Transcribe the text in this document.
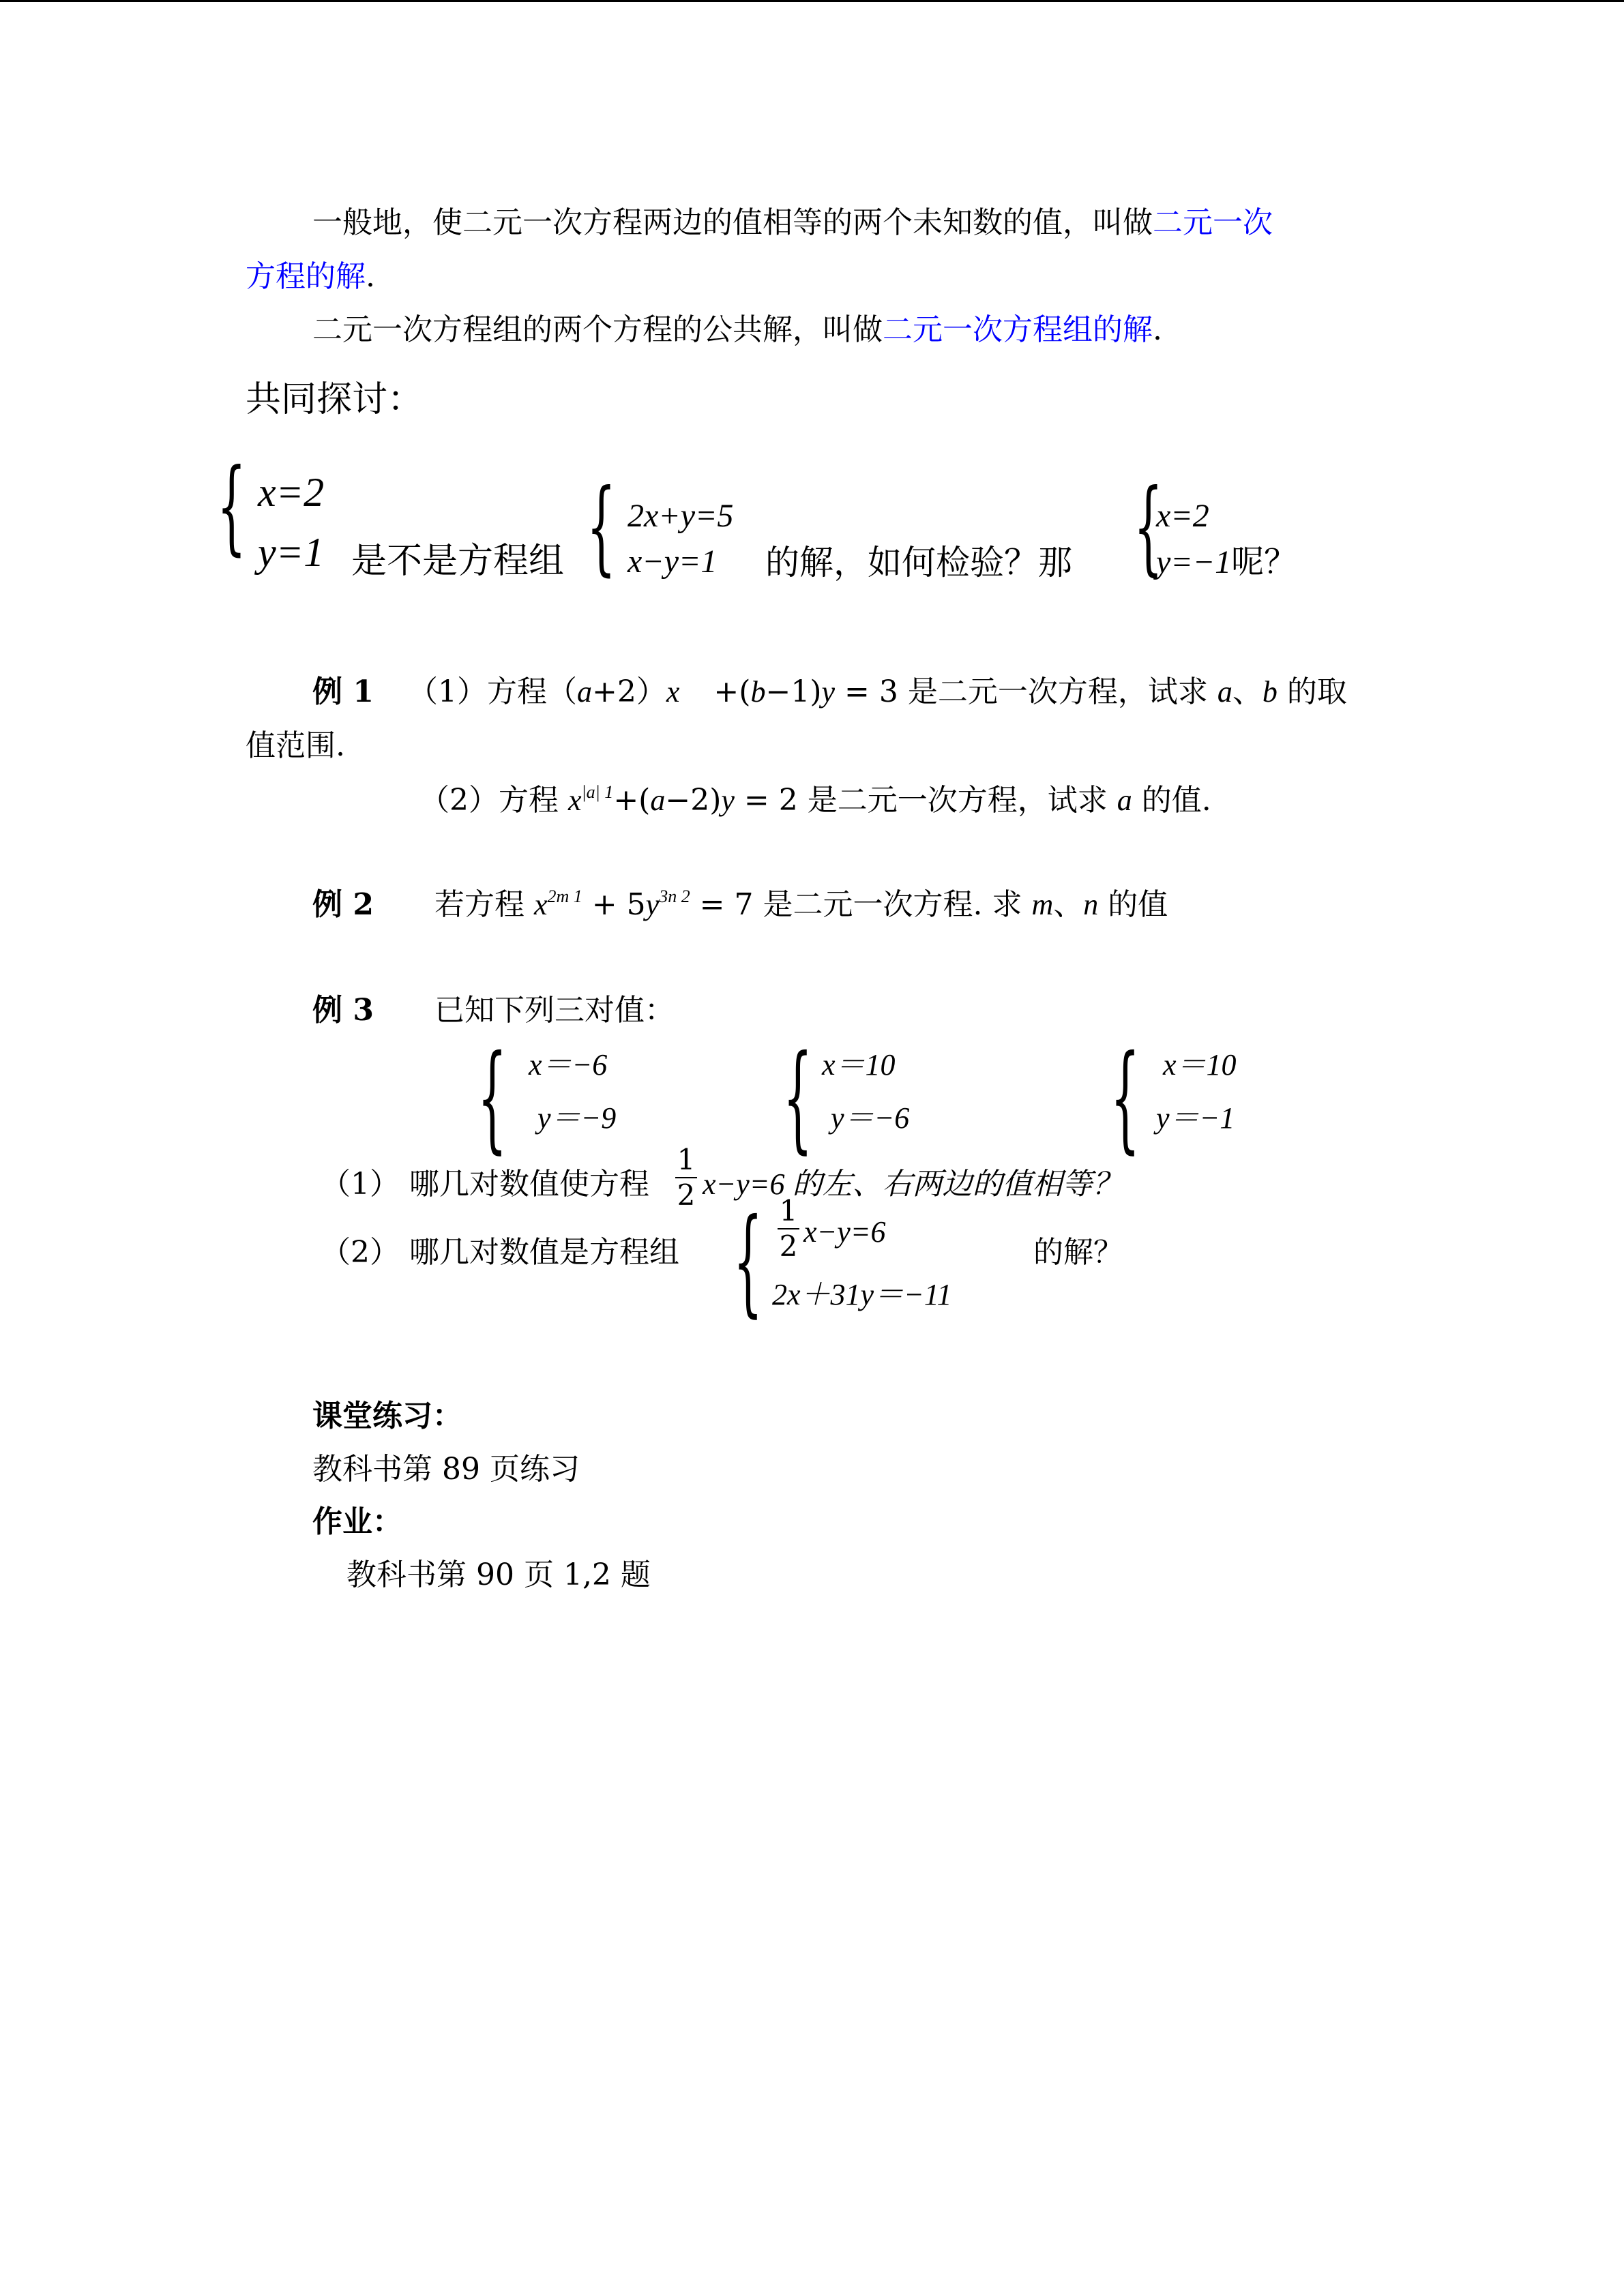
一般地，使二元一次方程两边的值相等的两个未知数的值，叫做二元一次
方程的解.
二元一次方程组的两个方程的公共解，叫做二元一次方程组的解.
共同探讨：
{ x=2
y=1 是不是方程组 { 2x+y=5
x−y=1 的解，如何检验？那 {
x=2
y=−1呢？
例 1 （1）方程（a+2）x +(b−1)y = 3 是二元一次方程，试求 a、b 的取
值范围.
（2）方程 $x^{|a| 1}+(a-2)y = 2$ 是二元一次方程，试求 a 的值.
例 2 若方程 $x^{2m 1} + 5y^{3n 2} = 7$ 是二元一次方程. 求 m、n 的值
例 3 已知下列三对值：
{ x＝−6
y＝−9 { x＝10
y＝−6 { x＝10
y＝−1
（1） 哪几对数值使方程
1
2 x−y=6 的左、右两边的值相等？
（2） 哪几对数值是方程组 { 1
2 x−y=6
2x＋31y＝−11
的解？
课堂练习：
教科书第 89 页练习
作业：
教科书第 90 页 1,2 题
